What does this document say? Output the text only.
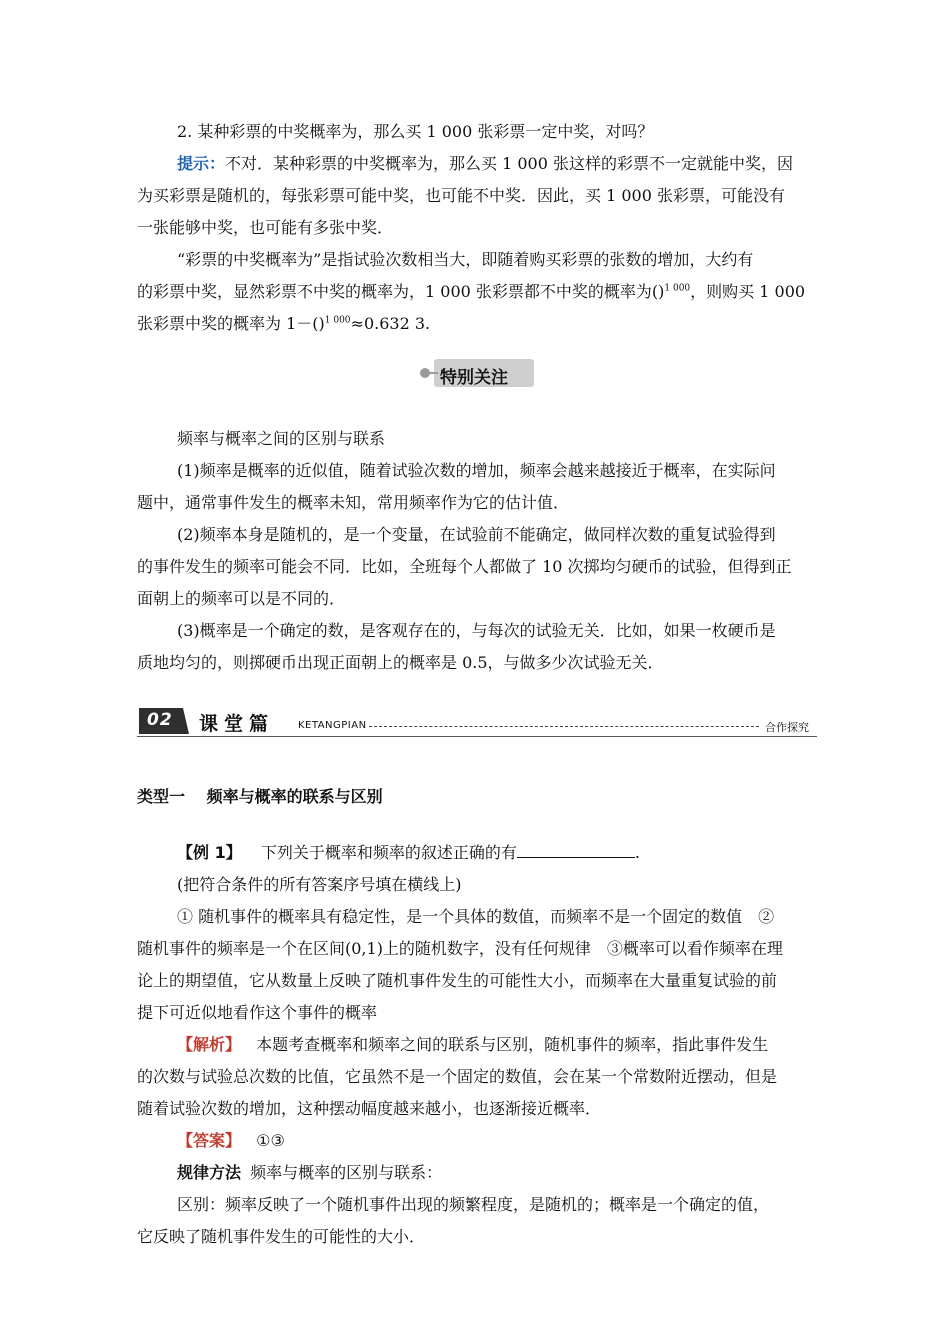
2. 某种彩票的中奖概率为，那么买 1 000 张彩票一定中奖，对吗？
提示：不对．某种彩票的中奖概率为，那么买 1 000 张这样的彩票不一定就能中奖，因
为买彩票是随机的，每张彩票可能中奖，也可能不中奖．因此，买 1 000 张彩票，可能没有
一张能够中奖，也可能有多张中奖．
“彩票的中奖概率为”是指试验次数相当大，即随着购买彩票的张数的增加，大约有
的彩票中奖，显然彩票不中奖的概率为，1 000 张彩票都不中奖的概率为()$^{1 000}$，则购买 1 000
张彩票中奖的概率为 1－()$^{1 000}$≈0.632 3.
特别关注
频率与概率之间的区别与联系
(1)频率是概率的近似值，随着试验次数的增加，频率会越来越接近于概率，在实际问
题中，通常事件发生的概率未知，常用频率作为它的估计值．
(2)频率本身是随机的，是一个变量，在试验前不能确定，做同样次数的重复试验得到
的事件发生的频率可能会不同．比如，全班每个人都做了 10 次掷均匀硬币的试验，但得到正
面朝上的频率可以是不同的．
(3)概率是一个确定的数，是客观存在的，与每次的试验无关．比如，如果一枚硬币是
质地均匀的，则掷硬币出现正面朝上的概率是 0.5，与做多少次试验无关．
02 课堂篇 KETANGPIAN	合作探究
类型一　 频率与概率的联系与区别
【例 1】 下列关于概率和频率的叙述正确的有	.
(把符合条件的所有答案序号填在横线上)
① 随机事件的概率具有稳定性，是一个具体的数值，而频率不是一个固定的数值　②
随机事件的频率是一个在区间(0,1)上的随机数字，没有任何规律　③概率可以看作频率在理
论上的期望值，它从数量上反映了随机事件发生的可能性大小，而频率在大量重复试验的前
提下可近似地看作这个事件的概率
【解析】 本题考查概率和频率之间的联系与区别，随机事件的频率，指此事件发生
的次数与试验总次数的比值，它虽然不是一个固定的数值，会在某一个常数附近摆动，但是
随着试验次数的增加，这种摆动幅度越来越小，也逐渐接近概率．
【答案】 ①③
规律方法 频率与概率的区别与联系：
区别：频率反映了一个随机事件出现的频繁程度，是随机的；概率是一个确定的值，
它反映了随机事件发生的可能性的大小．
